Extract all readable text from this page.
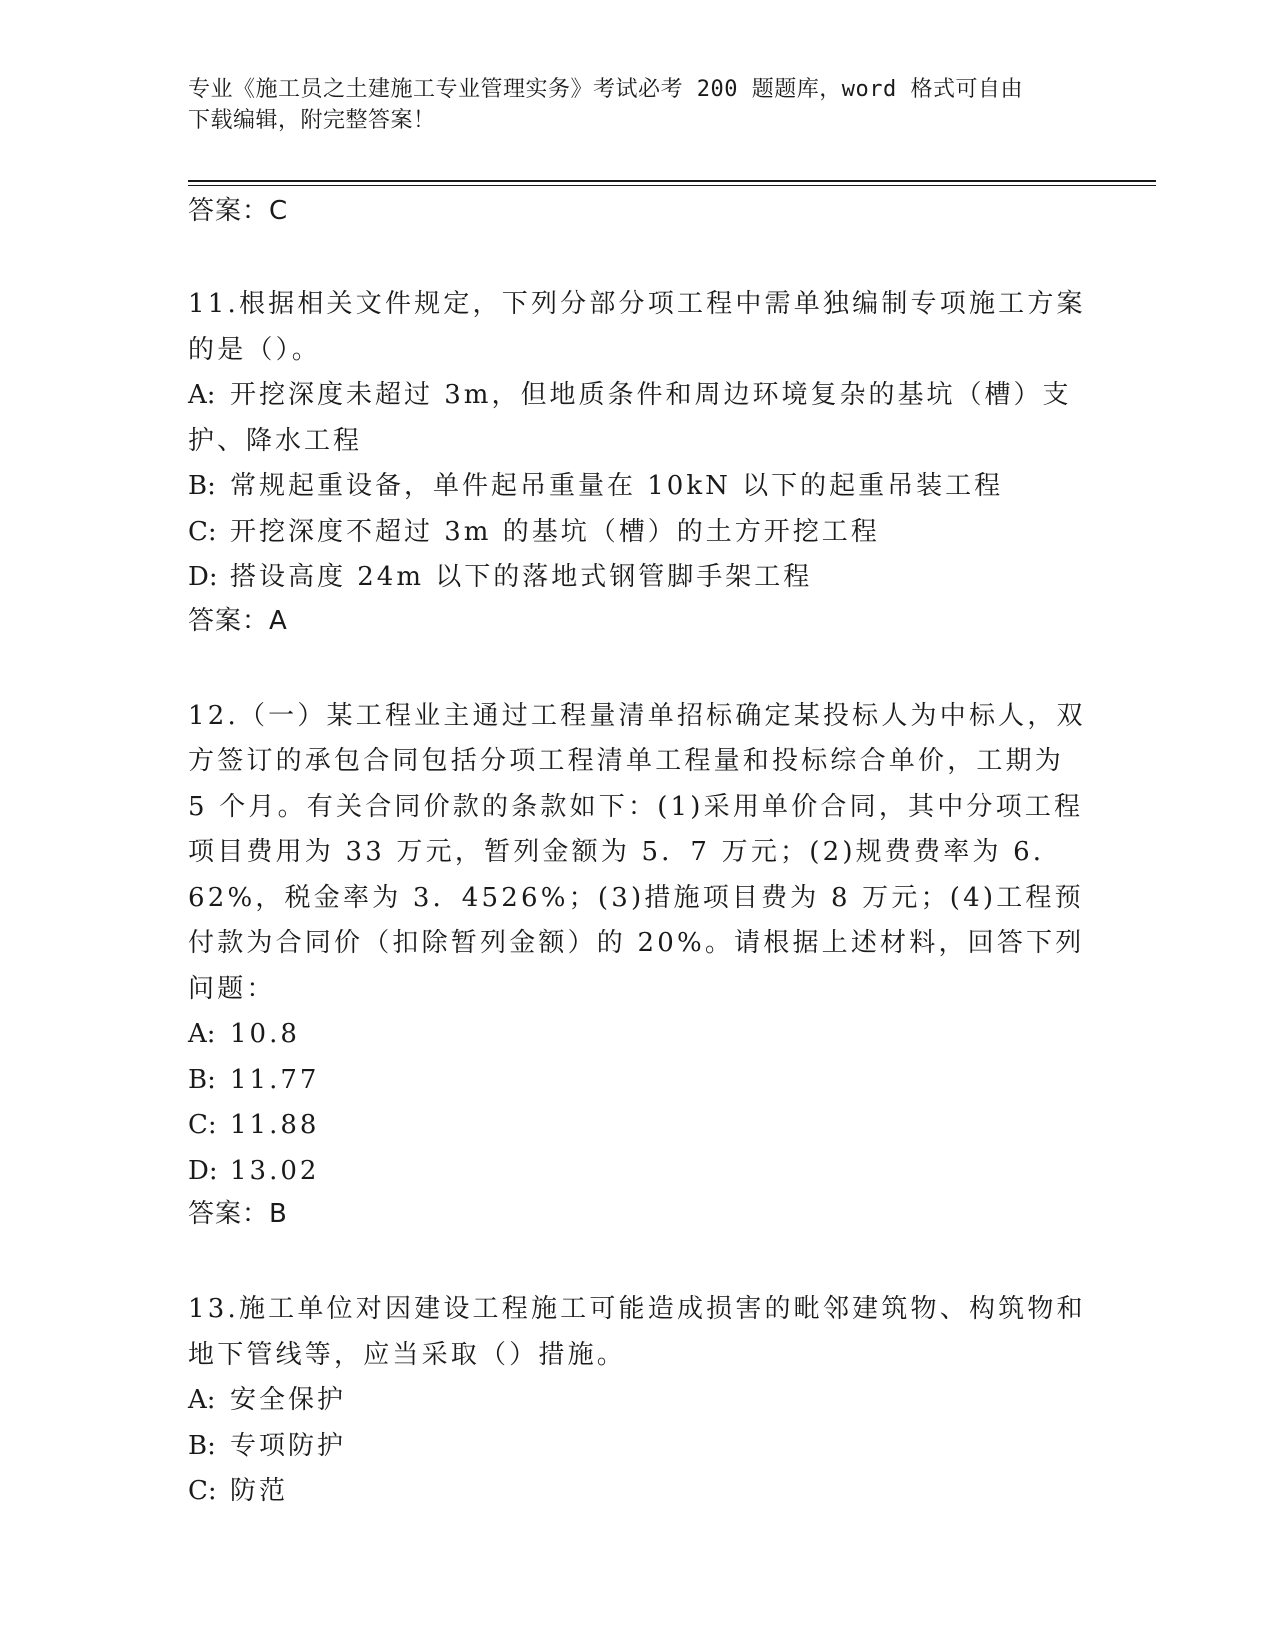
专业《施工员之土建施工专业管理实务》考试必考 200 题题库，word 格式可自由
下载编辑，附完整答案！
答案：C

11.根据相关文件规定，下列分部分项工程中需单独编制专项施工方案的是（）。

A: 开挖深度未超过 3m，但地质条件和周边环境复杂的基坑（槽）支护、降水工程
B: 常规起重设备，单件起吊重量在 10kN 以下的起重吊装工程
C: 开挖深度不超过 3m 的基坑（槽）的土方开挖工程
D: 搭设高度 24m 以下的落地式钢管脚手架工程
答案：A

12.（一）某工程业主通过工程量清单招标确定某投标人为中标人，双方签订的承包合同包括分项工程清单工程量和投标综合单价，工期为 5 个月。有关合同价款的条款如下：(1)采用单价合同，其中分项工程项目费用为 33 万元，暂列金额为 5．7 万元；(2)规费费率为 6．62%，税金率为 3．4526%；(3)措施项目费为 8 万元；(4)工程预付款为合同价（扣除暂列金额）的 20%。请根据上述材料，回答下列问题：

A: 10.8
B: 11.77
C: 11.88
D: 13.02
答案：B

13.施工单位对因建设工程施工可能造成损害的毗邻建筑物、构筑物和地下管线等，应当采取（）措施。

A: 安全保护
B: 专项防护
C: 防范
